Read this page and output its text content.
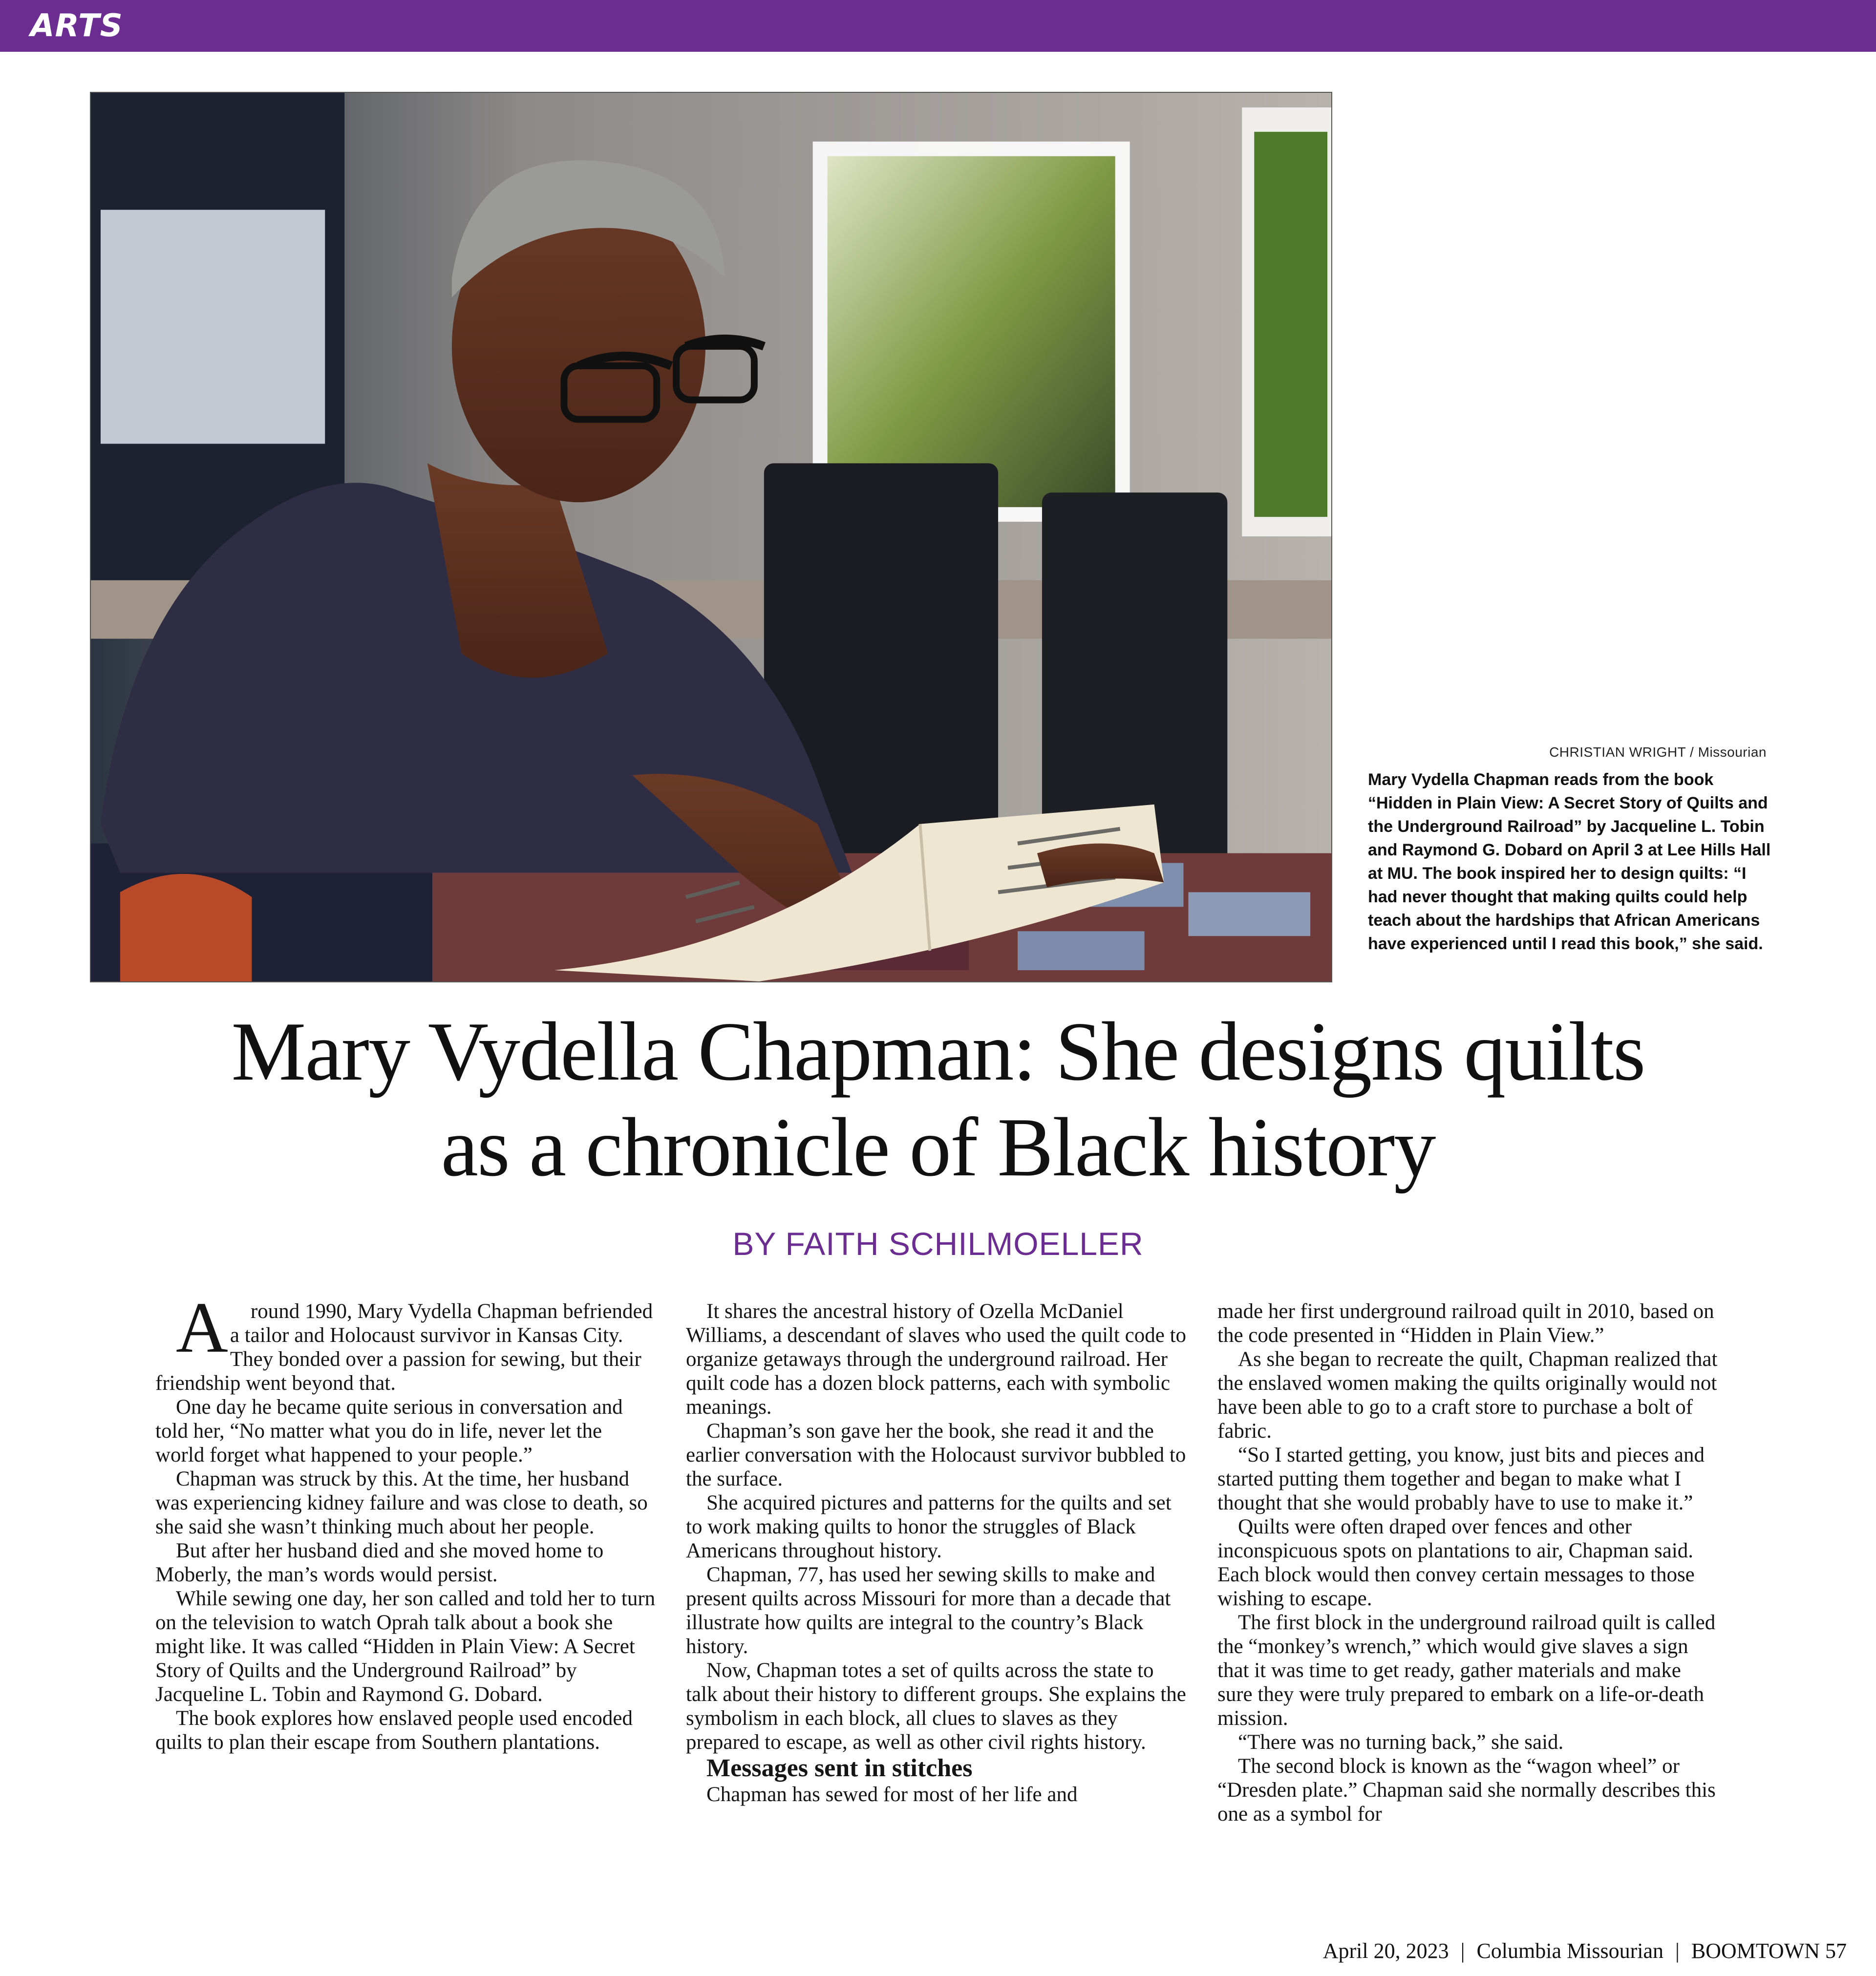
ARTS
CHRISTIAN WRIGHT / Missourian
Mary Vydella Chapman reads from the book “Hidden in Plain View: A Secret Story of Quilts and the Underground Railroad” by Jacqueline L. Tobin and Raymond G. Dobard on April 3 at Lee Hills Hall at MU. The book inspired her to design quilts: “I had never thought that making quilts could help teach about the hardships that African Americans have experienced until I read this book,” she said.
Mary Vydella Chapman: She designs quilts
as a chronicle of Black history
BY FAITH SCHILMOELLER

A round 1990, Mary Vydella Chapman befriended a tailor and Holocaust survivor in Kansas City. They bonded over a passion for sewing, but their friendship went beyond that.

One day he became quite serious in conversation and told her, “No matter what you do in life, never let the world forget what happened to your people.”

Chapman was struck by this. At the time, her husband was experiencing kidney failure and was close to death, so she said she wasn’t thinking much about her people.

But after her husband died and she moved home to Moberly, the man’s words would persist.

While sewing one day, her son called and told her to turn on the television to watch Oprah talk about a book she might like. It was called “Hidden in Plain View: A Secret Story of Quilts and the Underground Railroad” by Jacqueline L. Tobin and Raymond G. Dobard.

The book explores how enslaved people used encoded quilts to plan their escape from Southern plantations.

It shares the ancestral history of Ozella McDaniel Williams, a descendant of slaves who used the quilt code to organize getaways through the underground railroad. Her quilt code has a dozen block patterns, each with symbolic meanings.

Chapman’s son gave her the book, she read it and the earlier conversation with the Holocaust survivor bubbled to the surface.

She acquired pictures and patterns for the quilts and set to work making quilts to honor the struggles of Black Americans throughout history.

Chapman, 77, has used her sewing skills to make and present quilts across Missouri for more than a decade that illustrate how quilts are integral to the country’s Black history.

Now, Chapman totes a set of quilts across the state to talk about their history to different groups. She explains the symbolism in each block, all clues to slaves as they prepared to escape, as well as other civil rights history.

Messages sent in stitches

Chapman has sewed for most of her life and

made her first underground railroad quilt in 2010, based on the code presented in “Hidden in Plain View.”

As she began to recreate the quilt, Chapman realized that the enslaved women making the quilts originally would not have been able to go to a craft store to purchase a bolt of fabric.

“So I started getting, you know, just bits and pieces and started putting them together and began to make what I thought that she would probably have to use to make it.”

Quilts were often draped over fences and other inconspicuous spots on plantations to air, Chapman said. Each block would then convey certain messages to those wishing to escape.

The first block in the underground railroad quilt is called the “monkey’s wrench,” which would give slaves a sign that it was time to get ready, gather materials and make sure they were truly prepared to embark on a life-or-death mission.

“There was no turning back,” she said.

The second block is known as the “wagon wheel” or “Dresden plate.” Chapman said she normally describes this one as a symbol for

April 20, 2023 | Columbia Missourian | BOOMTOWN 57
